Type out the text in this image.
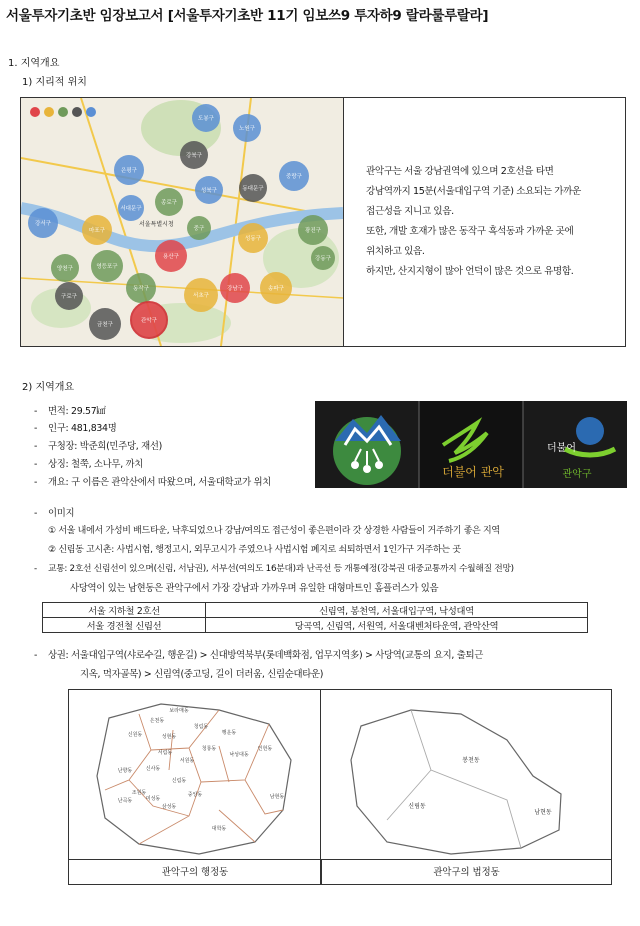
서울투자기초반 임장보고서 [서울투자기초반 11기 임보쓰9 투자하9 랄라룰루랄라]
1. 지역개요
1) 지리적 위치
도봉구
노원구
강북구
은평구
종로구
성북구	동대문구
중랑구
서대문구
중구	광진구
마포구
용산구
성동구
강동구
강서구
영등포구
동작구
서초구
강남구	송파구
양천구
구로구
금천구
관악구
서울특별시청
관악구는 서울 강남권역에 있으며 2호선을 타면
강남역까지 15분(서울대입구역 기준) 소요되는 가까운
접근성을 지니고 있음.
또한, 개발 호재가 많은 동작구 흑석동과 가까운 곳에
위치하고 있음.
하지만, 산지지형이 많아 언덕이 많은 것으로 유명함.
2) 지역개요
- 면적: 29.57㎢
- 인구: 481,834명
- 구청장: 박준희(민주당, 재선)
- 상징: 철쭉, 소나무, 까치
- 개요: 구 이름은 관악산에서 따왔으며, 서울대학교가 위치
더불어 관악
더불어
관악구
- 이미지
① 서울 내에서 가성비 배드타운, 낙후되었으나 강남/여의도 접근성이 좋은편이라 갓 상경한 사람들이 거주하기 좋은 지역
② 신림동 고시촌: 사법시험, 행정고시, 외무고시가 주였으나 사법시험 폐지로 쇠퇴하면서 1인가구 거주하는 곳
- 교통: 2호선 신림선이 있으며(신림, 서남권), 서부선(여의도 16분대)과 난곡선 등 개통예정(강북권 대중교통까지 수월해질 전망)
사당역이 있는 남현동은 관악구에서 가장 강남과 가까우며 유일한 대형마트인 홈플러스가 있음
서울 지하철 2호선	신림역, 봉천역, 서울대입구역, 낙성대역
서울 경전철 신림선	당곡역, 신림역, 서원역, 서울대벤처타운역, 관악산역
- 상권: 서울대입구역(샤로수길, 행운길) > 신대방역북부(롯데백화점, 업무지역多) > 사당역(교통의 요지, 출퇴근
지옥, 먹자골목) > 신림역(중고딩, 길이 더러움, 신림순대타운)
은천동
보라매동
청림동
성현동
행운동
낙성대동
인헌동
남현동
청룡동
서원동
신원동
서림동
신사동
신림동
난향동
조원동
대학동
삼성동
미성동
난곡동
중앙동
봉천동
신림동
남현동
관악구의 행정동	관악구의 법정동
